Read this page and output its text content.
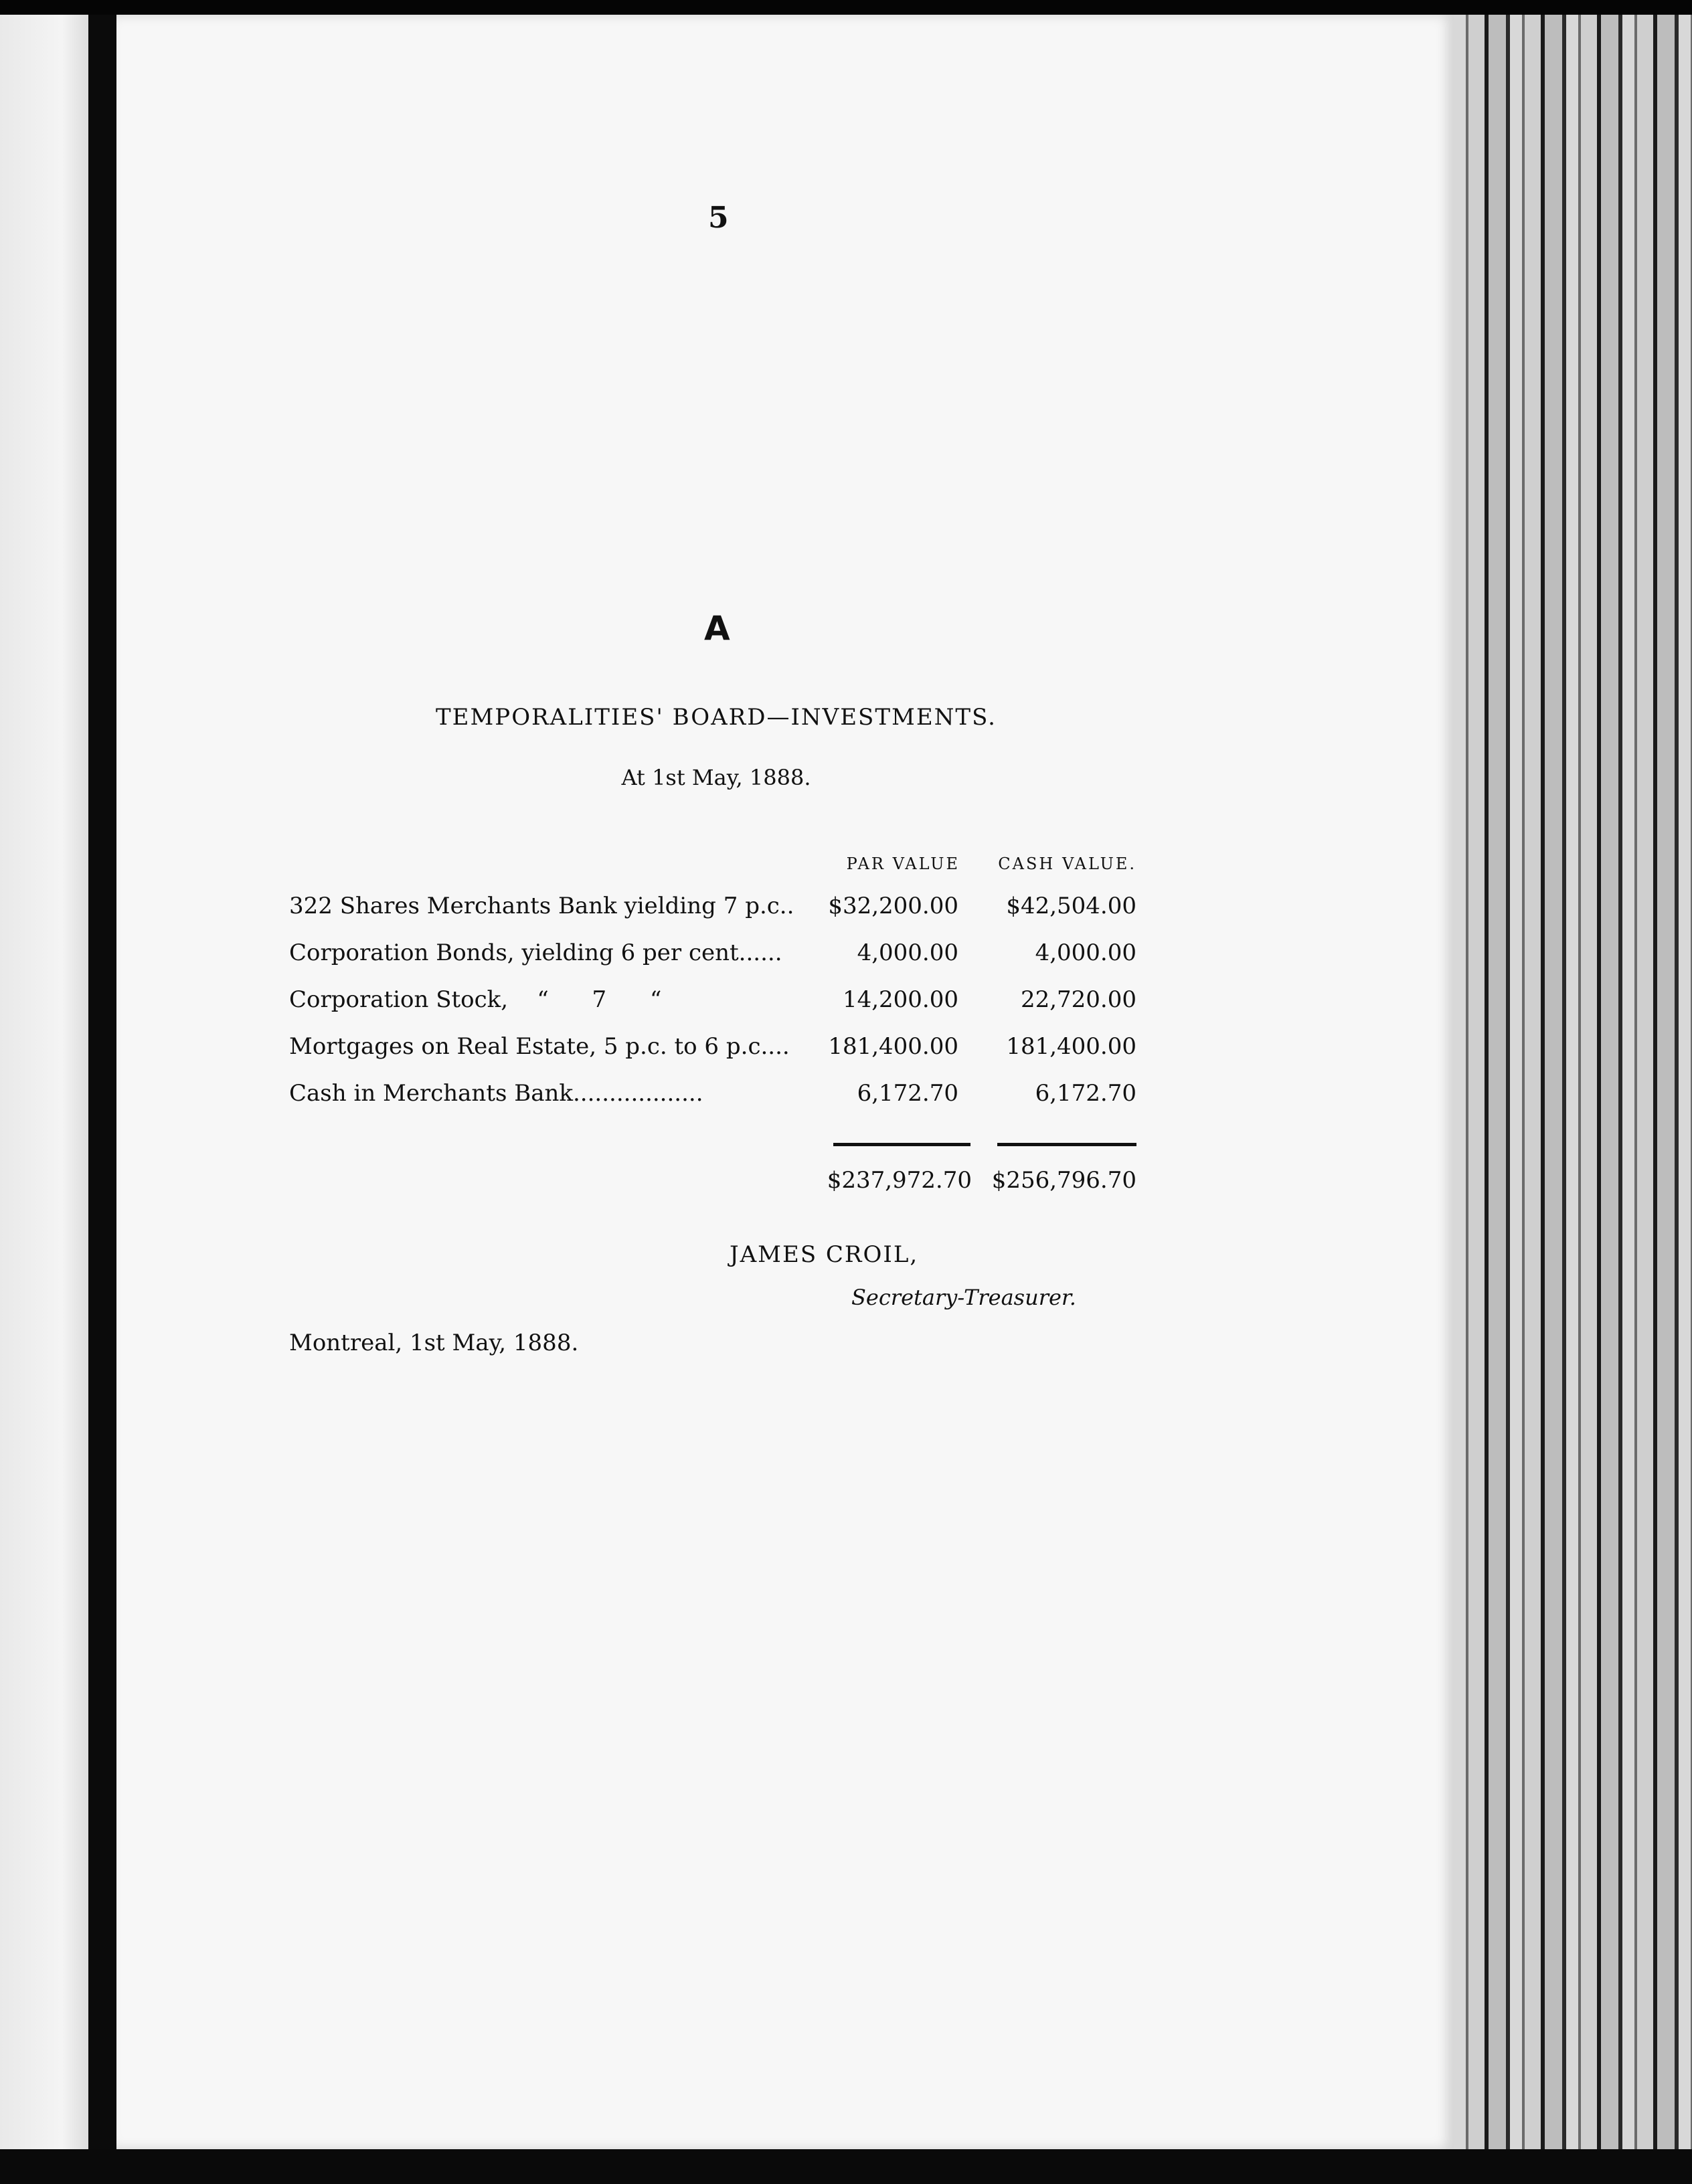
5
A
TEMPORALITIES' BOARD—INVESTMENTS.
At 1st May, 1888.
PAR VALUE	CASH VALUE.
322 Shares Merchants Bank yielding 7 p.c.. $32,200.00 $42,504.00
Corporation Bonds, yielding 6 per cent......	4,000.00	4,000.00
Corporation Stock,    “      7      “	14,200.00	22,720.00
Mortgages on Real Estate, 5 p.c. to 6 p.c.... 181,400.00 181,400.00
Cash in Merchants Bank..................	6,172.70	6,172.70
$237,972.70 $256,796.70
JAMES CROIL,
Secretary-Treasurer.
Montreal, 1st May, 1888.
